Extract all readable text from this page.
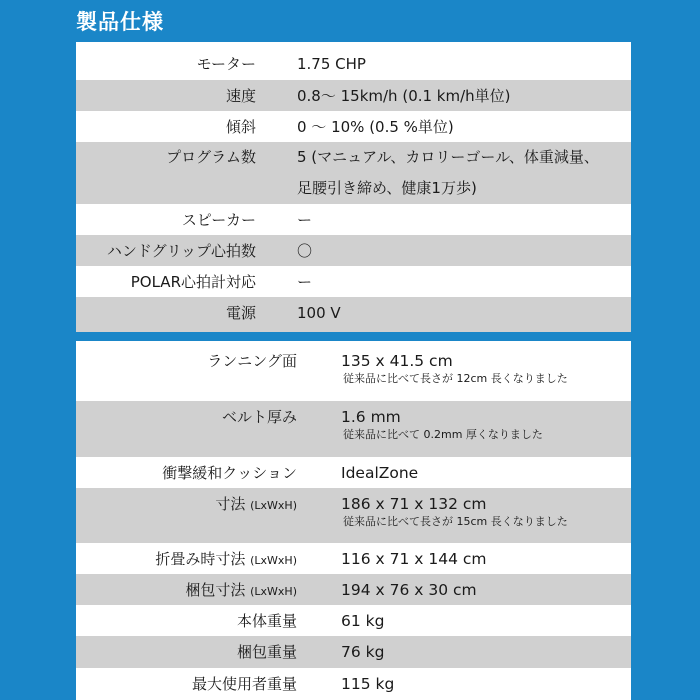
製品仕様
モーター	1.75 CHP
速度	0.8～ 15km/h (0.1 km/h単位)
傾斜	0 ～ 10% (0.5 %単位)
プログラム数	5 (マニュアル、カロリーゴール、体重減量、
足腰引き締め、健康1万歩)
スピーカー	ー
ハンドグリップ心拍数	〇
POLAR心拍計対応	ー
電源	100 V
ランニング面	135 x 41.5 cm
従来品に比べて長さが 12cm 長くなりました
ベルト厚み	1.6 mm
従来品に比べて 0.2mm 厚くなりました
衝撃緩和クッション	IdealZone
寸法 (LxWxH)	186 x 71 x 132 cm
従来品に比べて長さが 15cm 長くなりました
折畳み時寸法 (LxWxH)	116 x 71 x 144 cm
梱包寸法 (LxWxH)	194 x 76 x 30 cm
本体重量	61 kg
梱包重量	76 kg
最大使用者重量	115 kg
